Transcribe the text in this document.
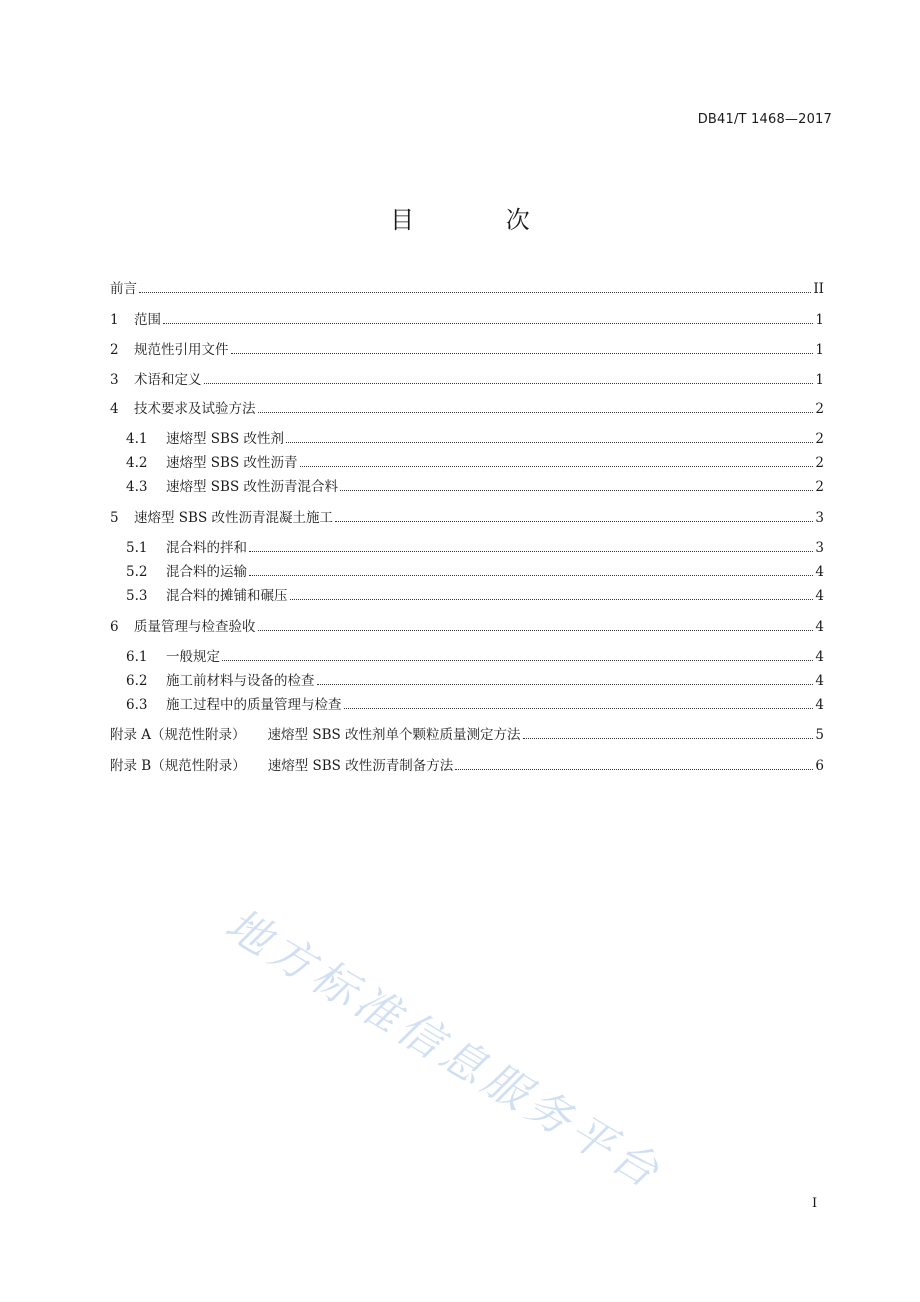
DB41/T 1468—2017
目 次
前言	II
1	范围	1
2	规范性引用文件	1
3	术语和定义	1
4	技术要求及试验方法	2
4.1	速熔型 SBS 改性剂	2
4.2	速熔型 SBS 改性沥青	2
4.3	速熔型 SBS 改性沥青混合料	2
5	速熔型 SBS 改性沥青混凝土施工	3
5.1	混合料的拌和	3
5.2	混合料的运输	4
5.3	混合料的摊铺和碾压	4
6	质量管理与检查验收	4
6.1	一般规定	4
6.2	施工前材料与设备的检查	4
6.3	施工过程中的质量管理与检查	4
附录 A（规范性附录） 速熔型 SBS 改性剂单个颗粒质量测定方法	5
附录 B（规范性附录） 速熔型 SBS 改性沥青制备方法	6
地方标准信息服务平台
I
